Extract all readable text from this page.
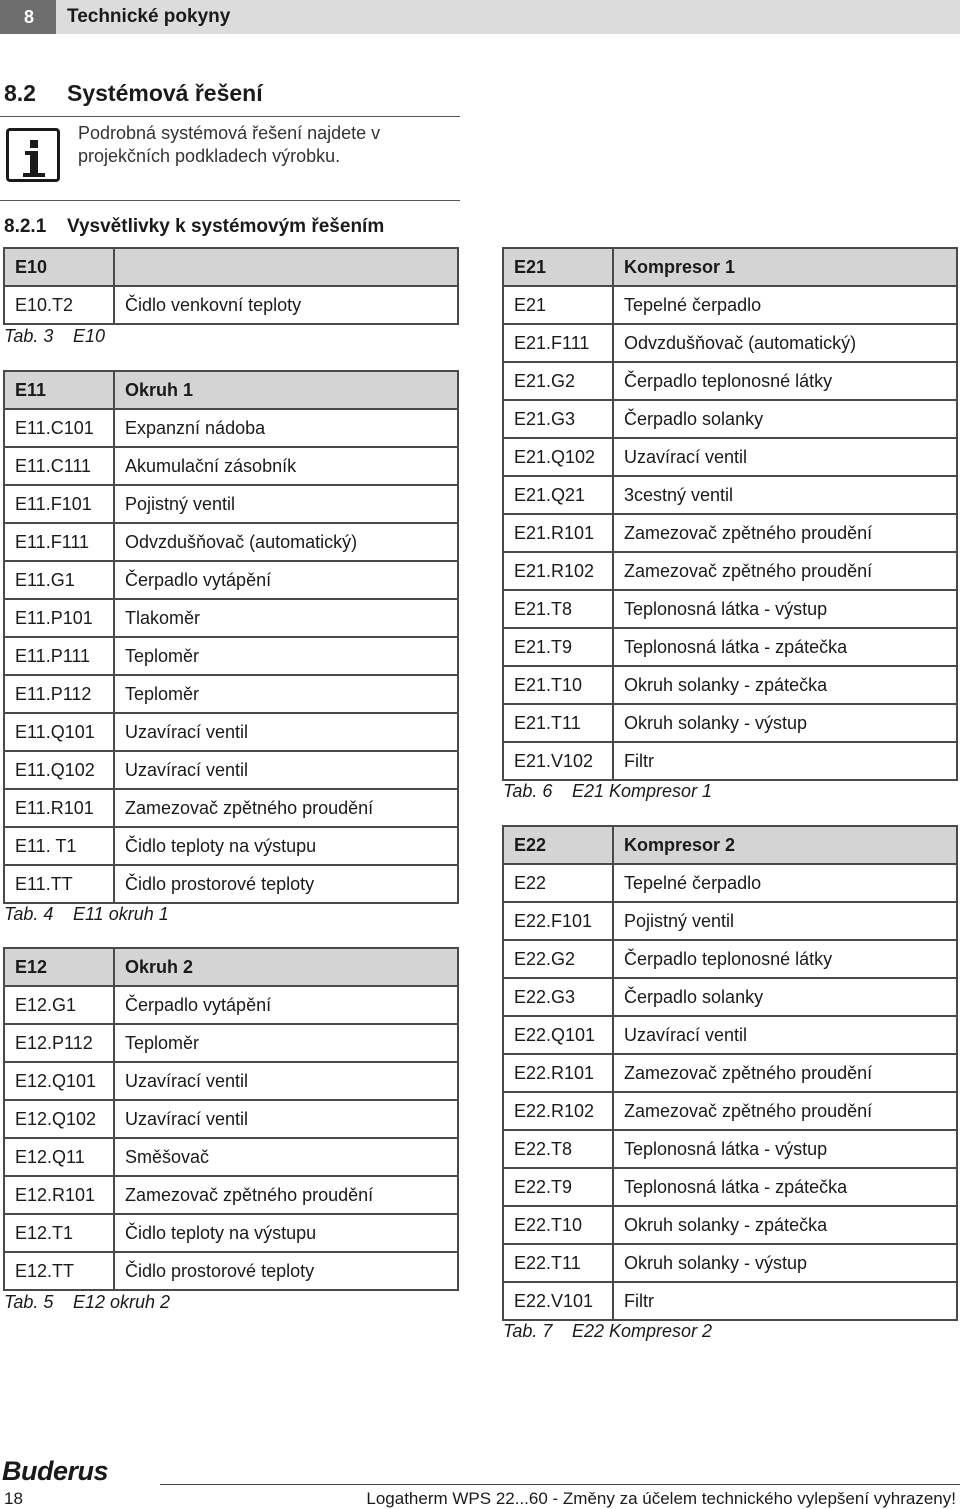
8	Technické pokyny
8.2 Systémová řešení
Podrobná systémová řešení najdete v projekčních podkladech výrobku.
8.2.1 Vysvětlivky k systémovým řešením
E10	
E10.T2	Čidlo venkovní teploty
Tab. 3 E10
E11	Okruh 1
E11.C101	Expanzní nádoba
E11.C111	Akumulační zásobník
E11.F101	Pojistný ventil
E11.F111	Odvzdušňovač (automatický)
E11.G1	Čerpadlo vytápění
E11.P101	Tlakoměr
E11.P111	Teploměr
E11.P112	Teploměr
E11.Q101	Uzavírací ventil
E11.Q102	Uzavírací ventil
E11.R101	Zamezovač zpětného proudění
E11. T1	Čidlo teploty na výstupu
E11.TT	Čidlo prostorové teploty
Tab. 4 E11 okruh 1
E12	Okruh 2
E12.G1	Čerpadlo vytápění
E12.P112	Teploměr
E12.Q101	Uzavírací ventil
E12.Q102	Uzavírací ventil
E12.Q11	Směšovač
E12.R101	Zamezovač zpětného proudění
E12.T1	Čidlo teploty na výstupu
E12.TT	Čidlo prostorové teploty
Tab. 5 E12 okruh 2
E21	Kompresor 1
E21	Tepelné čerpadlo
E21.F111	Odvzdušňovač (automatický)
E21.G2	Čerpadlo teplonosné látky
E21.G3	Čerpadlo solanky
E21.Q102	Uzavírací ventil
E21.Q21	3cestný ventil
E21.R101	Zamezovač zpětného proudění
E21.R102	Zamezovač zpětného proudění
E21.T8	Teplonosná látka - výstup
E21.T9	Teplonosná látka - zpátečka
E21.T10	Okruh solanky - zpátečka
E21.T11	Okruh solanky - výstup
E21.V102	Filtr
Tab. 6 E21 Kompresor 1
E22	Kompresor 2
E22	Tepelné čerpadlo
E22.F101	Pojistný ventil
E22.G2	Čerpadlo teplonosné látky
E22.G3	Čerpadlo solanky
E22.Q101	Uzavírací ventil
E22.R101	Zamezovač zpětného proudění
E22.R102	Zamezovač zpětného proudění
E22.T8	Teplonosná látka - výstup
E22.T9	Teplonosná látka - zpátečka
E22.T10	Okruh solanky - zpátečka
E22.T11	Okruh solanky - výstup
E22.V101	Filtr
Tab. 7 E22 Kompresor 2
Buderus
18	Logatherm WPS 22...60 - Změny za účelem technického vylepšení vyhrazeny!
